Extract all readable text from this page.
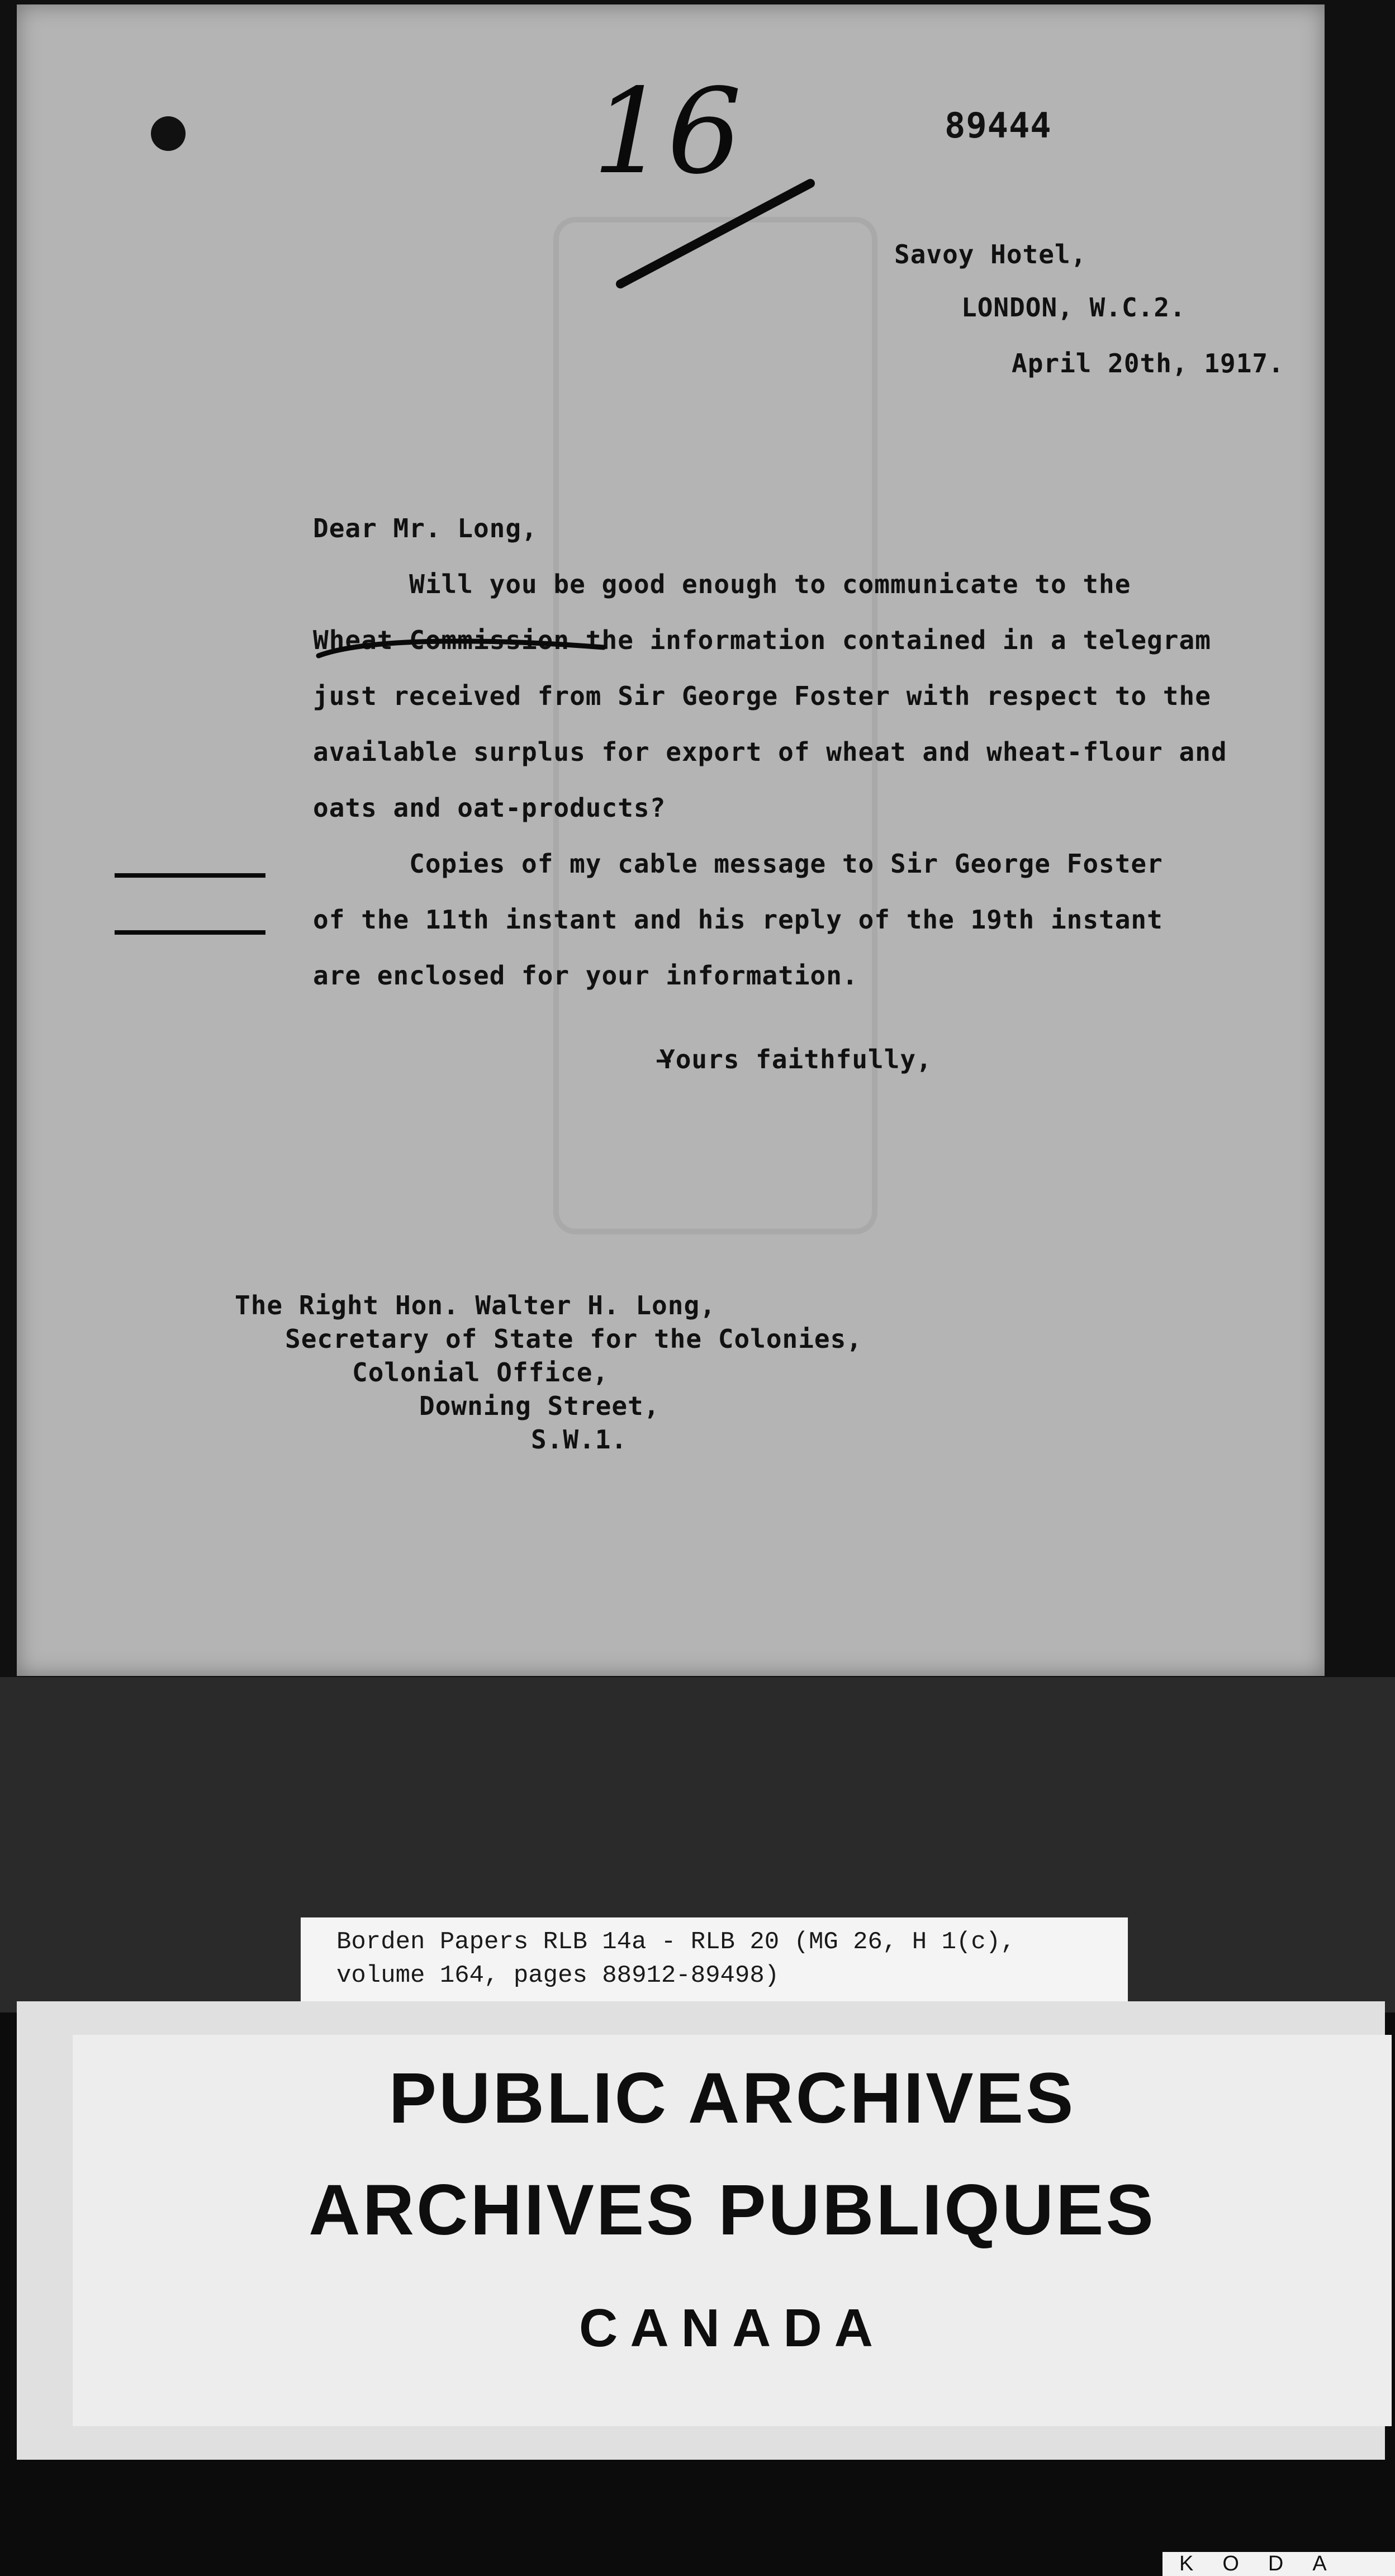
16	89444
Savoy Hotel,
LONDON, W.C.2.
April 20th, 1917.
Dear Mr. Long,
Will you be good enough to communicate to the
Wheat Commission the information contained in a telegram
just received from Sir George Foster with respect to the
available surplus for export of wheat and wheat-flour and
oats and oat-products?
Copies of my cable message to Sir George Foster
of the 11th instant and his reply of the 19th instant
are enclosed for your information.
Yours faithfully,
The Right Hon. Walter H. Long,
Secretary of State for the Colonies,
Colonial Office,
Downing Street,
S.W.1.
Borden Papers RLB 14a - RLB 20 (MG 26, H 1(c),
volume 164, pages 88912-89498)
PUBLIC ARCHIVES
ARCHIVES PUBLIQUES
CANADA
KODA
